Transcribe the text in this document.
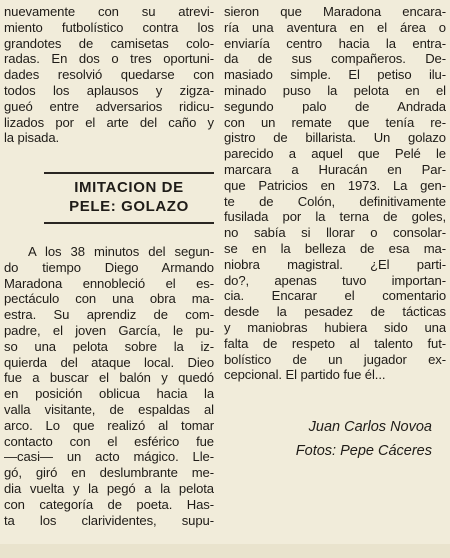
nuevamente con su atrevi-
miento futbolístico contra los
grandotes de camisetas colo-
radas. En dos o tres oportuni-
dades resolvió quedarse con
todos los aplausos y zigza-
gueó entre adversarios ridicu-
lizados por el arte del caño y
la pisada.
IMITACION DE
PELE: GOLAZO
A los 38 minutos del segun-
do tiempo Diego Armando
Maradona ennobleció el es-
pectáculo con una obra ma-
estra. Su aprendiz de com-
padre, el joven García, le pu-
so una pelota sobre la iz-
quierda del ataque local. Dieo
fue a buscar el balón y quedó
en posición oblicua hacia la
valla visitante, de espaldas al
arco. Lo que realizó al tomar
contacto con el esférico fue
—casi— un acto mágico. Lle-
gó, giró en deslumbrante me-
dia vuelta y la pegó a la pelota
con categoría de poeta. Has-
ta los clarividentes, supu-
sieron que Maradona encara-
ría una aventura en el área o
enviaría centro hacia la entra-
da de sus compañeros. De-
masiado simple. El petiso ilu-
minado puso la pelota en el
segundo palo de Andrada
con un remate que tenía re-
gistro de billarista. Un golazo
parecido a aquel que Pelé le
marcara a Huracán en Par-
que Patricios en 1973. La gen-
te de Colón, definitivamente
fusilada por la terna de goles,
no sabía si llorar o consolar-
se en la belleza de esa ma-
niobra magistral. ¿El parti-
do?, apenas tuvo importan-
cia. Encarar el comentario
desde la pesadez de tácticas
y maniobras hubiera sido una
falta de respeto al talento fut-
bolístico de un jugador ex-
cepcional. El partido fue él...
Juan Carlos Novoa
Fotos: Pepe Cáceres
